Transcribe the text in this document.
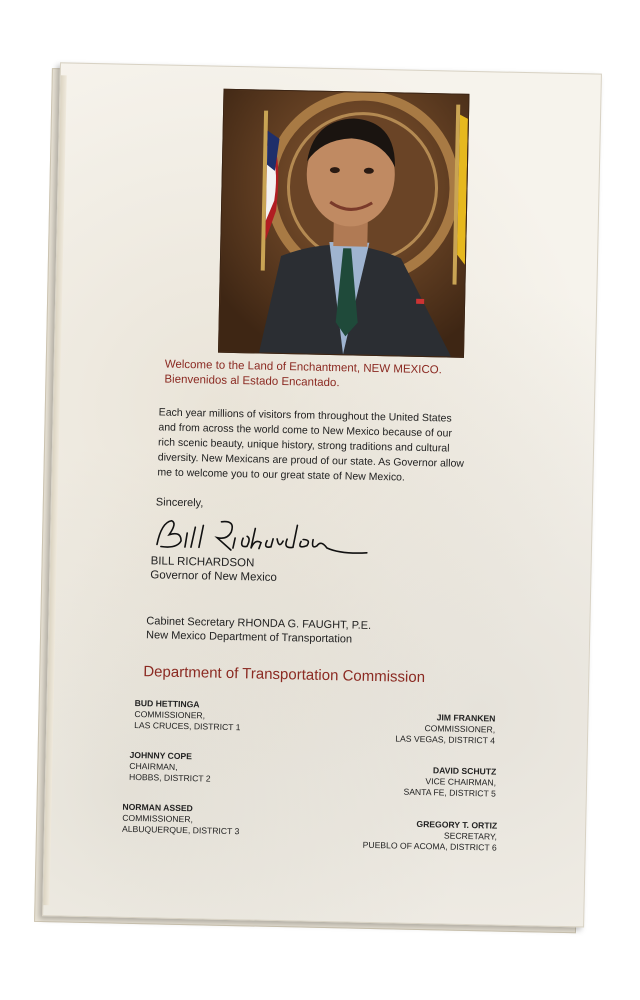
Welcome to the Land of Enchantment, NEW MEXICO.
Bienvenidos al Estado Encantado.
Each year millions of visitors from throughout the United States
and from across the world come to New Mexico because of our
rich scenic beauty, unique history, strong traditions and cultural
diversity. New Mexicans are proud of our state. As Governor allow
me to welcome you to our great state of New Mexico.
Sincerely,
BILL RICHARDSON
Governor of New Mexico
Cabinet Secretary RHONDA G. FAUGHT, P.E.
New Mexico Department of Transportation
Department of Transportation Commission
BUD HETTINGA
COMMISSIONER,
LAS CRUCES, DISTRICT 1
JOHNNY COPE
CHAIRMAN,
HOBBS, DISTRICT 2
NORMAN ASSED
COMMISSIONER,
ALBUQUERQUE, DISTRICT 3
JIM FRANKEN
COMMISSIONER,
LAS VEGAS, DISTRICT 4
DAVID SCHUTZ
VICE CHAIRMAN,
SANTA FE, DISTRICT 5
GREGORY T. ORTIZ
SECRETARY,
PUEBLO OF ACOMA, DISTRICT 6
